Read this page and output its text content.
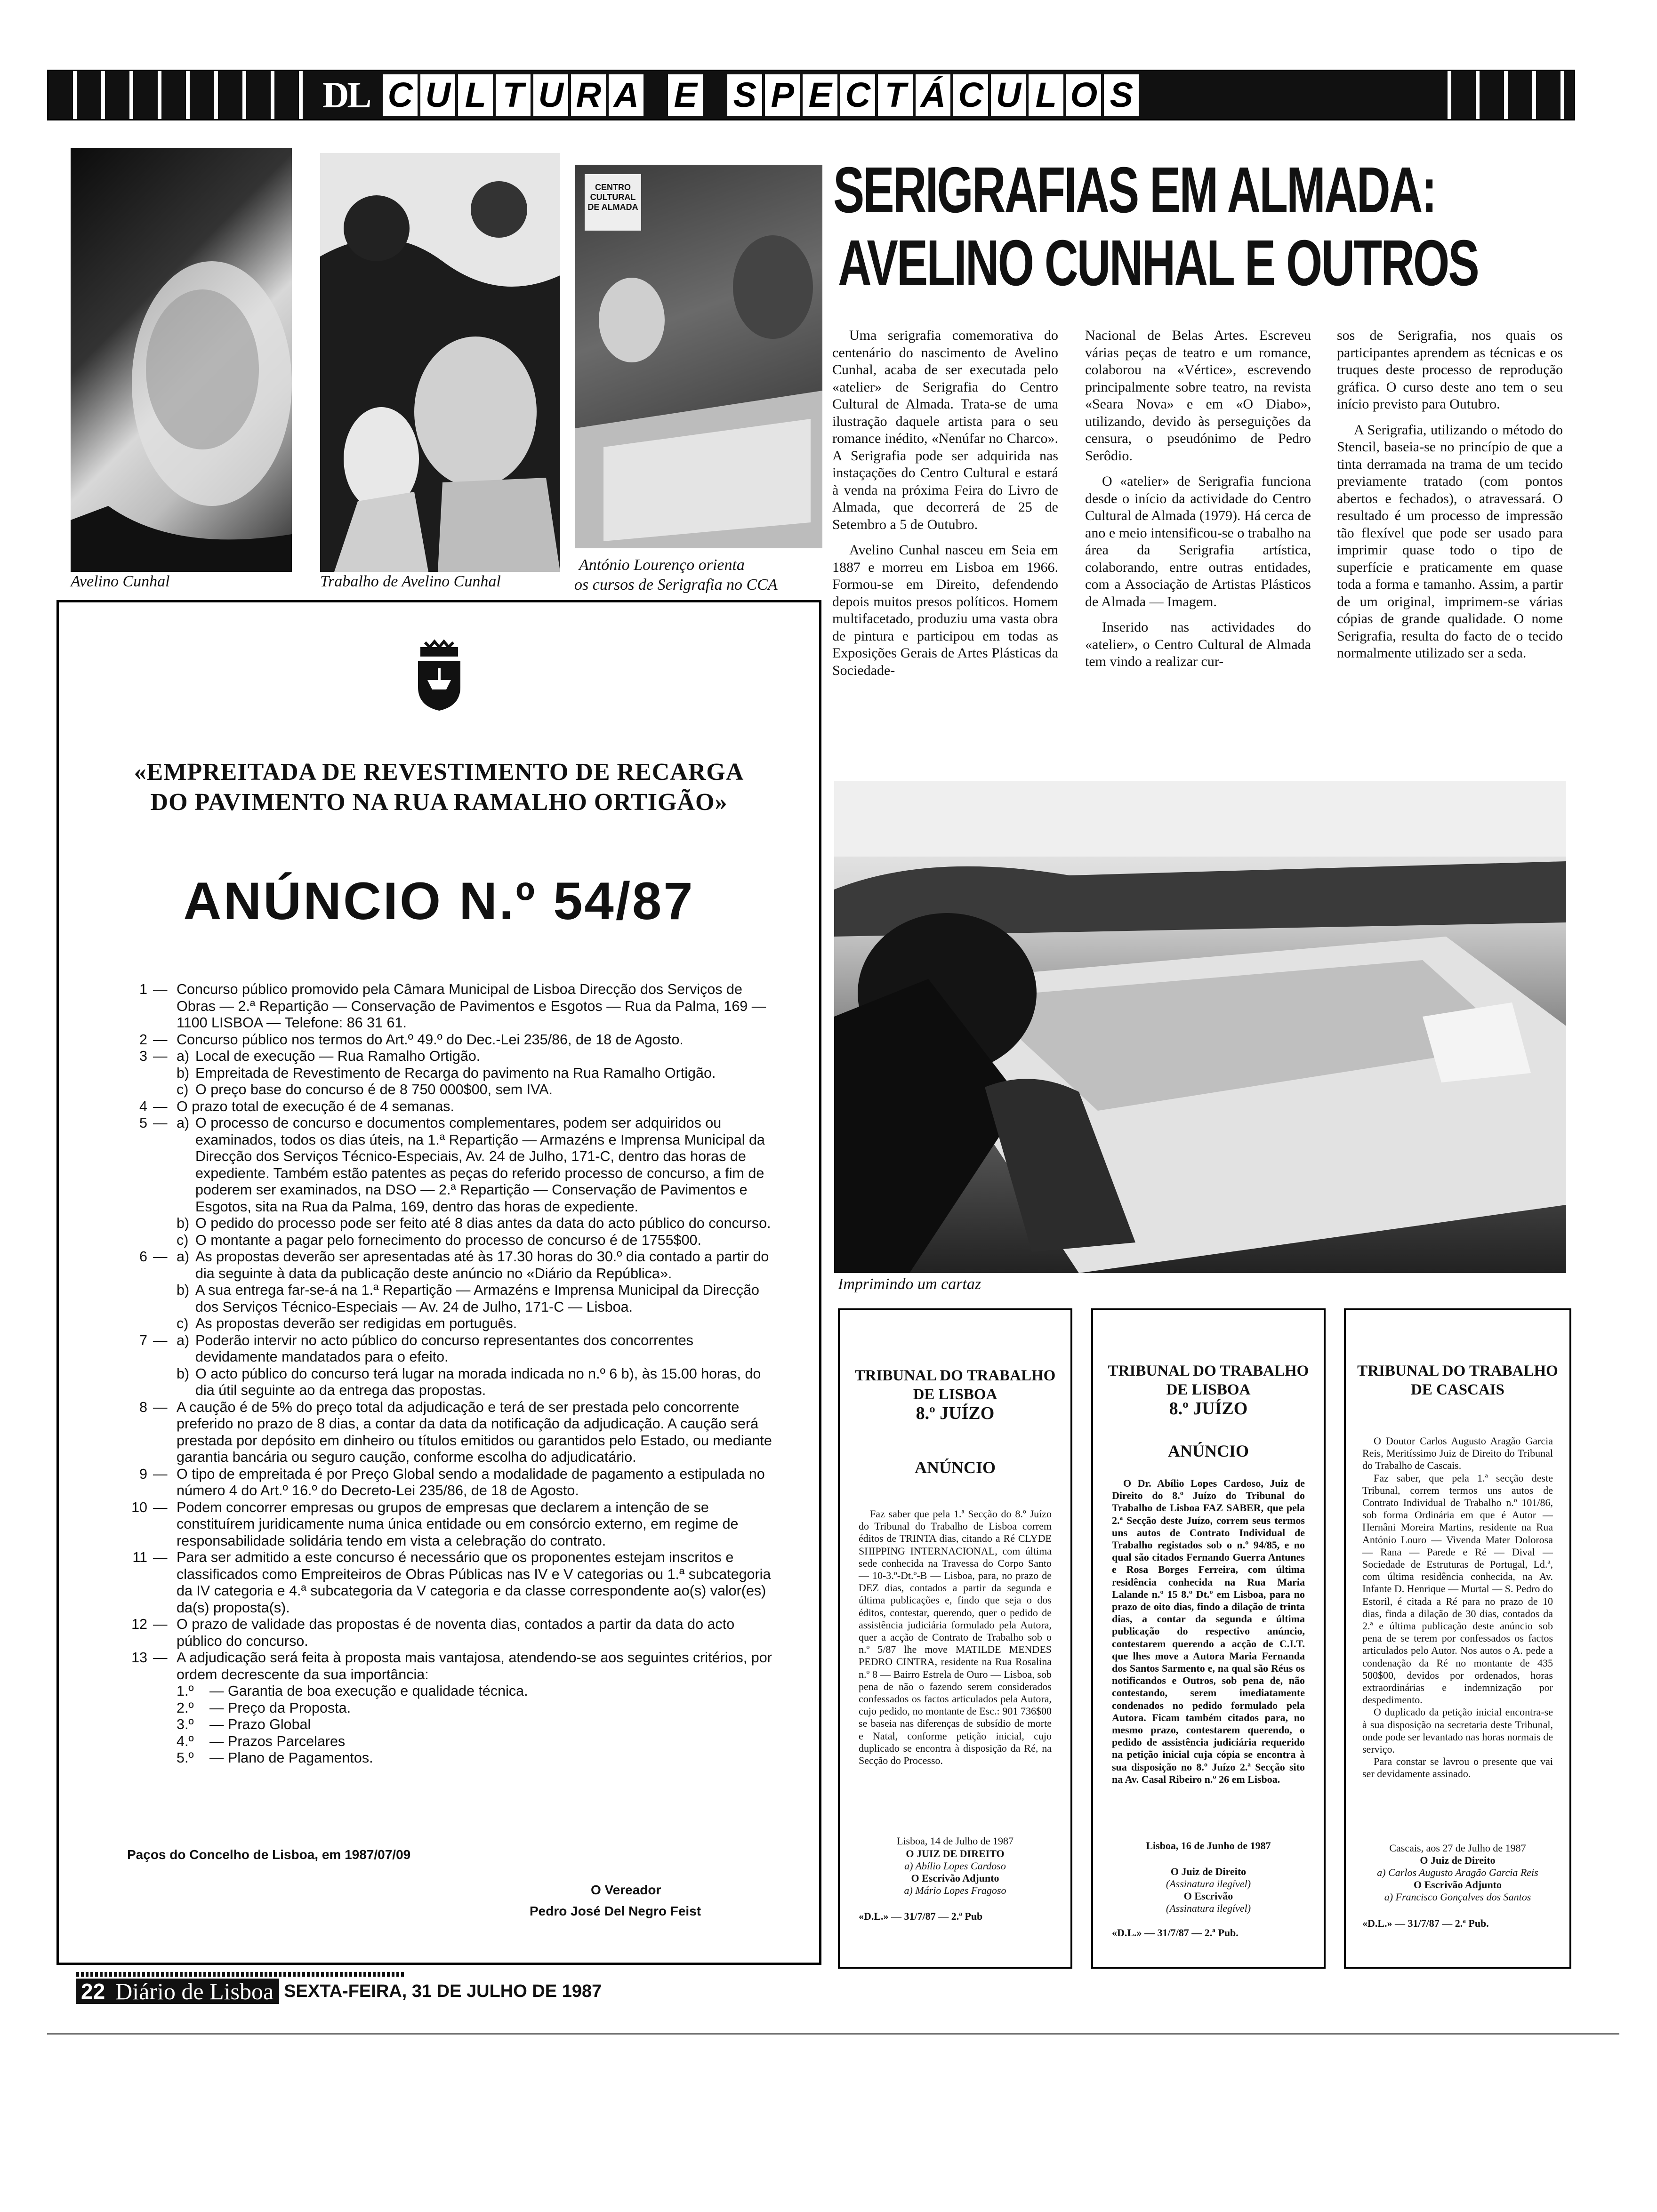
DL C U L T U R A E S P E C T Á C U L O S
Avelino Cunhal	Trabalho de Avelino Cunhal
CENTRO CULTURAL DE ALMADA
António Lourenço orienta
os cursos de Serigrafia no CCA
SERIGRAFIAS EM ALMADA:
AVELINO CUNHAL E OUTROS

Uma serigrafia comemorativa do centenário do nascimento de Avelino Cunhal, acaba de ser executada pelo «atelier» de Serigrafia do Centro Cultural de Almada. Trata-se de uma ilustração daquele artista para o seu romance inédito, «Nenúfar no Charco». A Serigrafia pode ser adquirida nas instaçações do Centro Cultural e estará à venda na próxima Feira do Livro de Almada, que decorrerá de 25 de Setembro a 5 de Outubro.

Avelino Cunhal nasceu em Seia em 1887 e morreu em Lisboa em 1966. Formou-se em Direito, defendendo depois muitos presos políticos. Homem multifacetado, produziu uma vasta obra de pintura e participou em todas as Exposições Gerais de Artes Plásticas da Sociedade-

Nacional de Belas Artes. Escreveu várias peças de teatro e um romance, colaborou na «Vértice», escrevendo principalmente sobre teatro, na revista «Seara Nova» e em «O Diabo», utilizando, devido às perseguições da censura, o pseudónimo de Pedro Serôdio.

O «atelier» de Serigrafia funciona desde o início da actividade do Centro Cultural de Almada (1979). Há cerca de ano e meio intensificou-se o trabalho na área da Serigrafia artística, colaborando, entre outras entidades, com a Associação de Artistas Plásticos de Almada — Imagem.

Inserido nas actividades do «atelier», o Centro Cultural de Almada tem vindo a realizar cur-

sos de Serigrafia, nos quais os participantes aprendem as técnicas e os truques deste processo de reprodução gráfica. O curso deste ano tem o seu início previsto para Outubro.

A Serigrafia, utilizando o método do Stencil, baseia-se no princípio de que a tinta derramada na trama de um tecido previamente tratado (com pontos abertos e fechados), o atravessará. O resultado é um processo de impressão tão flexível que pode ser usado para imprimir quase todo o tipo de superfície e praticamente em quase toda a forma e tamanho. Assim, a partir de um original, imprimem-se várias cópias de grande qualidade. O nome Serigrafia, resulta do facto de o tecido normalmente utilizado ser a seda.

Imprimindo um cartaz
«EMPREITADA DE REVESTIMENTO DE RECARGA
DO PAVIMENTO NA RUA RAMALHO ORTIGÃO»
ANÚNCIO N.º 54/87
1 — Concurso público promovido pela Câmara Municipal de Lisboa Direcção dos Serviços de Obras — 2.ª Repartição — Conservação de Pavimentos e Esgotos — Rua da Palma, 169 — 1100 LISBOA — Telefone: 86 31 61.
2 — Concurso público nos termos do Art.º 49.º do Dec.-Lei 235/86, de 18 de Agosto.
3 — a) Local de execução — Rua Ramalho Ortigão.
b) Empreitada de Revestimento de Recarga do pavimento na Rua Ramalho Ortigão.
c) O preço base do concurso é de 8 750 000$00, sem IVA.
4 — O prazo total de execução é de 4 semanas.
5 — a) O processo de concurso e documentos complementares, podem ser adquiridos ou examinados, todos os dias úteis, na 1.ª Repartição — Armazéns e Imprensa Municipal da Direcção dos Serviços Técnico-Especiais, Av. 24 de Julho, 171-C, dentro das horas de expediente. Também estão patentes as peças do referido processo de concurso, a fim de poderem ser examinados, na DSO — 2.ª Repartição — Conservação de Pavimentos e Esgotos, sita na Rua da Palma, 169, dentro das horas de expediente.
b) O pedido do processo pode ser feito até 8 dias antes da data do acto público do concurso.
c) O montante a pagar pelo fornecimento do processo de concurso é de 1755$00.
6 — a) As propostas deverão ser apresentadas até às 17.30 horas do 30.º dia contado a partir do dia seguinte à data da publicação deste anúncio no «Diário da República».
b) A sua entrega far-se-á na 1.ª Repartição — Armazéns e Imprensa Municipal da Direcção dos Serviços Técnico-Especiais — Av. 24 de Julho, 171-C — Lisboa.
c) As propostas deverão ser redigidas em português.
7 — a) Poderão intervir no acto público do concurso representantes dos concorrentes devidamente mandatados para o efeito.
b) O acto público do concurso terá lugar na morada indicada no n.º 6 b), às 15.00 horas, do dia útil seguinte ao da entrega das propostas.
8 — A caução é de 5% do preço total da adjudicação e terá de ser prestada pelo concorrente preferido no prazo de 8 dias, a contar da data da notificação da adjudicação. A caução será prestada por depósito em dinheiro ou títulos emitidos ou garantidos pelo Estado, ou mediante garantia bancária ou seguro caução, conforme escolha do adjudicatário.
9 — O tipo de empreitada é por Preço Global sendo a modalidade de pagamento a estipulada no número 4 do Art.º 16.º do Decreto-Lei 235/86, de 18 de Agosto.
10 — Podem concorrer empresas ou grupos de empresas que declarem a intenção de se constituírem juridicamente numa única entidade ou em consórcio externo, em regime de responsabilidade solidária tendo em vista a celebração do contrato.
11 — Para ser admitido a este concurso é necessário que os proponentes estejam inscritos e classificados como Empreiteiros de Obras Públicas nas IV e V categorias ou 1.ª subcategoria da IV categoria e 4.ª subcategoria da V categoria e da classe correspondente ao(s) valor(es) da(s) proposta(s).
12 — O prazo de validade das propostas é de noventa dias, contados a partir da data do acto público do concurso.
13 — A adjudicação será feita à proposta mais vantajosa, atendendo-se aos seguintes critérios, por ordem decrescente da sua importância:
1.º	— Garantia de boa execução e qualidade técnica.
2.º	— Preço da Proposta.
3.º	— Prazo Global
4.º	— Prazos Parcelares
5.º	— Plano de Pagamentos.
Paços do Concelho de Lisboa, em 1987/07/09
O Vereador
Pedro José Del Negro Feist
TRIBUNAL DO TRABALHO
DE LISBOA
8.º JUÍZO
ANÚNCIO

Faz saber que pela 1.ª Secção do 8.º Juízo do Tribunal do Trabalho de Lisboa correm éditos de TRINTA dias, citando a Ré CLYDE SHIPPING INTERNACIONAL, com última sede conhecida na Travessa do Corpo Santo — 10-3.º-Dt.º-B — Lisboa, para, no prazo de DEZ dias, contados a partir da segunda e última publicações e, findo que seja o dos éditos, contestar, querendo, quer o pedido de assistência judiciária formulado pela Autora, quer a acção de Contrato de Trabalho sob o n.º 5/87 lhe move MATILDE MENDES PEDRO CINTRA, residente na Rua Rosalina n.º 8 — Bairro Estrela de Ouro — Lisboa, sob pena de não o fazendo serem considerados confessados os factos articulados pela Autora, cujo pedido, no montante de Esc.: 901 736$00 se baseia nas diferenças de subsídio de morte e Natal, conforme petição inicial, cujo duplicado se encontra à disposição da Ré, na Secção do Processo.

Lisboa, 14 de Julho de 1987
O JUIZ DE DIREITO
a) Abílio Lopes Cardoso
O Escrivão Adjunto
a) Mário Lopes Fragoso
«D.L.» — 31/7/87 — 2.ª Pub
TRIBUNAL DO TRABALHO
DE LISBOA
8.º JUÍZO
ANÚNCIO

O Dr. Abílio Lopes Cardoso, Juiz de Direito do 8.º Juízo do Tribunal do Trabalho de Lisboa FAZ SABER, que pela 2.ª Secção deste Juízo, correm seus termos uns autos de Contrato Individual de Trabalho registados sob o n.º 94/85, e no qual são citados Fernando Guerra Antunes e Rosa Borges Ferreira, com última residência conhecida na Rua Maria Lalande n.º 15 8.º Dt.º em Lisboa, para no prazo de oito dias, findo a dilação de trinta dias, a contar da segunda e última publicação do respectivo anúncio, contestarem querendo a acção de C.I.T. que lhes move a Autora Maria Fernanda dos Santos Sarmento e, na qual são Réus os notificandos e Outros, sob pena de, não contestando, serem imediatamente condenados no pedido formulado pela Autora. Ficam também citados para, no mesmo prazo, contestarem querendo, o pedido de assistência judiciária requerido na petição inicial cuja cópia se encontra à sua disposição no 8.º Juízo 2.ª Secção sito na Av. Casal Ribeiro n.º 26 em Lisboa.

Lisboa, 16 de Junho de 1987
O Juiz de Direito
(Assinatura ilegível)
O Escrivão
(Assinatura ilegível)
«D.L.» — 31/7/87 — 2.ª Pub.
TRIBUNAL DO TRABALHO
DE CASCAIS

O Doutor Carlos Augusto Aragão Garcia Reis, Meritíssimo Juiz de Direito do Tribunal do Trabalho de Cascais.

Faz saber, que pela 1.ª secção deste Tribunal, correm termos uns autos de Contrato Individual de Trabalho n.º 101/86, sob forma Ordinária em que é Autor — Hernâni Moreira Martins, residente na Rua António Louro — Vivenda Mater Dolorosa — Rana — Parede e Ré — Dival — Sociedade de Estruturas de Portugal, Ld.ª, com última residência conhecida, na Av. Infante D. Henrique — Murtal — S. Pedro do Estoril, é citada a Ré para no prazo de 10 dias, finda a dilação de 30 dias, contados da 2.ª e última publicação deste anúncio sob pena de se terem por confessados os factos articulados pelo Autor. Nos autos o A. pede a condenação da Ré no montante de 435 500$00, devidos por ordenados, horas extraordinárias e indemnização por despedimento.

O duplicado da petição inicial encontra-se à sua disposição na secretaria deste Tribunal, onde pode ser levantado nas horas normais de serviço.

Para constar se lavrou o presente que vai ser devidamente assinado.

Cascais, aos 27 de Julho de 1987
O Juiz de Direito
a) Carlos Augusto Aragão Garcia Reis
O Escrivão Adjunto
a) Francisco Gonçalves dos Santos
«D.L.» — 31/7/87 — 2.ª Pub.
22 Diário de Lisboa SEXTA-FEIRA, 31 DE JULHO DE 1987
